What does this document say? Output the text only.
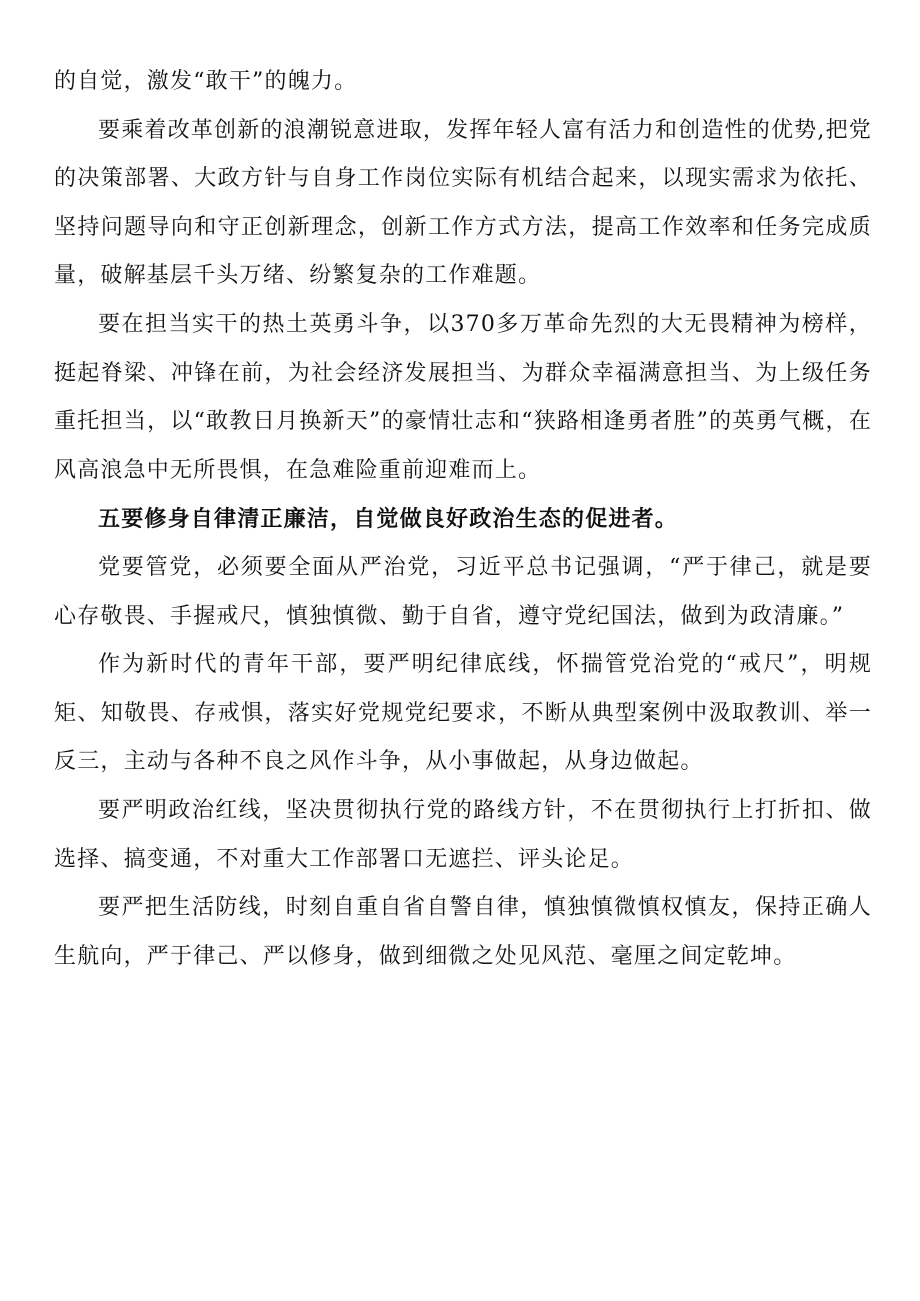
的自觉，激发“敢干”的魄力。

要乘着改革创新的浪潮锐意进取，发挥年轻人富有活力和创造性的优势,把党的决策部署、大政方针与自身工作岗位实际有机结合起来，以现实需求为依托、坚持问题导向和守正创新理念，创新工作方式方法，提高工作效率和任务完成质量，破解基层千头万绪、纷繁复杂的工作难题。

要在担当实干的热土英勇斗争，以370多万革命先烈的大无畏精神为榜样，挺起脊梁、冲锋在前，为社会经济发展担当、为群众幸福满意担当、为上级任务重托担当，以“敢教日月换新天”的豪情壮志和“狭路相逢勇者胜”的英勇气概，在风高浪急中无所畏惧，在急难险重前迎难而上。

五要修身自律清正廉洁，自觉做良好政治生态的促进者。

党要管党，必须要全面从严治党，习近平总书记强调，“严于律己，就是要心存敬畏、手握戒尺，慎独慎微、勤于自省，遵守党纪国法，做到为政清廉。”

作为新时代的青年干部，要严明纪律底线，怀揣管党治党的“戒尺”，明规矩、知敬畏、存戒惧，落实好党规党纪要求，不断从典型案例中汲取教训、举一反三，主动与各种不良之风作斗争，从小事做起，从身边做起。

要严明政治红线，坚决贯彻执行党的路线方针，不在贯彻执行上打折扣、做选择、搞变通，不对重大工作部署口无遮拦、评头论足。

要严把生活防线，时刻自重自省自警自律，慎独慎微慎权慎友，保持正确人生航向，严于律己、严以修身，做到细微之处见风范、毫厘之间定乾坤。
